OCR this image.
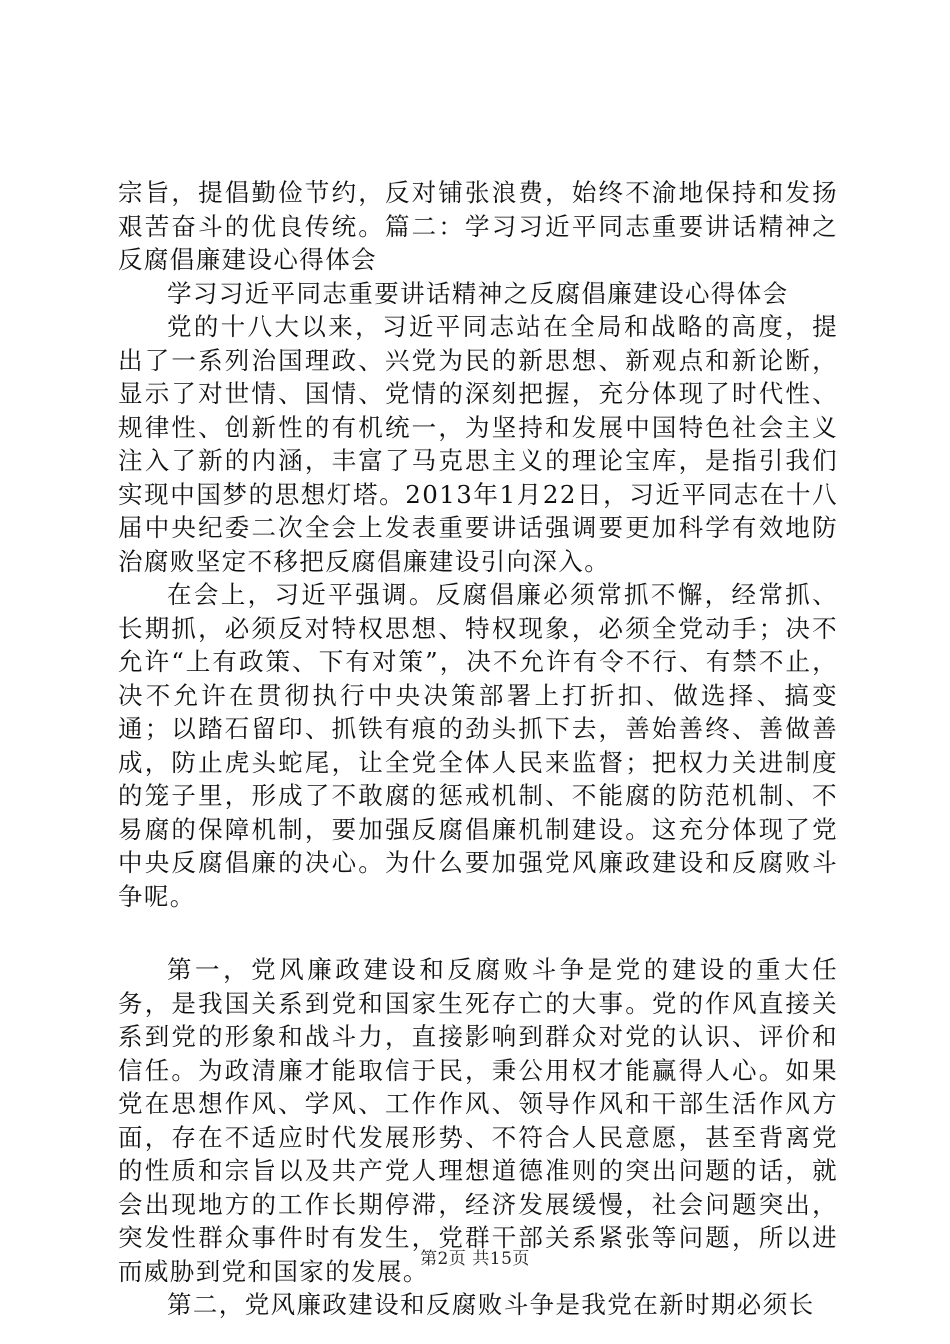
宗旨，提倡勤俭节约，反对铺张浪费，始终不渝地保持和发扬艰苦奋斗的优良传统。篇二：学习习近平同志重要讲话精神之反腐倡廉建设心得体会

学习习近平同志重要讲话精神之反腐倡廉建设心得体会

党的十八大以来，习近平同志站在全局和战略的高度，提出了一系列治国理政、兴党为民的新思想、新观点和新论断，显示了对世情、国情、党情的深刻把握，充分体现了时代性、规律性、创新性的有机统一，为坚持和发展中国特色社会主义注入了新的内涵，丰富了马克思主义的理论宝库，是指引我们实现中国梦的思想灯塔。2013年1月22日，习近平同志在十八届中央纪委二次全会上发表重要讲话强调要更加科学有效地防治腐败坚定不移把反腐倡廉建设引向深入。

在会上，习近平强调。反腐倡廉必须常抓不懈，经常抓、长期抓，必须反对特权思想、特权现象，必须全党动手；决不允许“上有政策、下有对策”，决不允许有令不行、有禁不止，决不允许在贯彻执行中央决策部署上打折扣、做选择、搞变通；以踏石留印、抓铁有痕的劲头抓下去，善始善终、善做善成，防止虎头蛇尾，让全党全体人民来监督；把权力关进制度的笼子里，形成了不敢腐的惩戒机制、不能腐的防范机制、不易腐的保障机制，要加强反腐倡廉机制建设。这充分体现了党中央反腐倡廉的决心。为什么要加强党风廉政建设和反腐败斗争呢。

第一，党风廉政建设和反腐败斗争是党的建设的重大任务，是我国关系到党和国家生死存亡的大事。党的作风直接关系到党的形象和战斗力，直接影响到群众对党的认识、评价和信任。为政清廉才能取信于民，秉公用权才能赢得人心。如果党在思想作风、学风、工作作风、领导作风和干部生活作风方面，存在不适应时代发展形势、不符合人民意愿，甚至背离党的性质和宗旨以及共产党人理想道德准则的突出问题的话，就会出现地方的工作长期停滞，经济发展缓慢，社会问题突出，突发性群众事件时有发生，党群干部关系紧张等问题，所以进而威胁到党和国家的发展。

第二，党风廉政建设和反腐败斗争是我党在新时期必须长

第2页 共15页
